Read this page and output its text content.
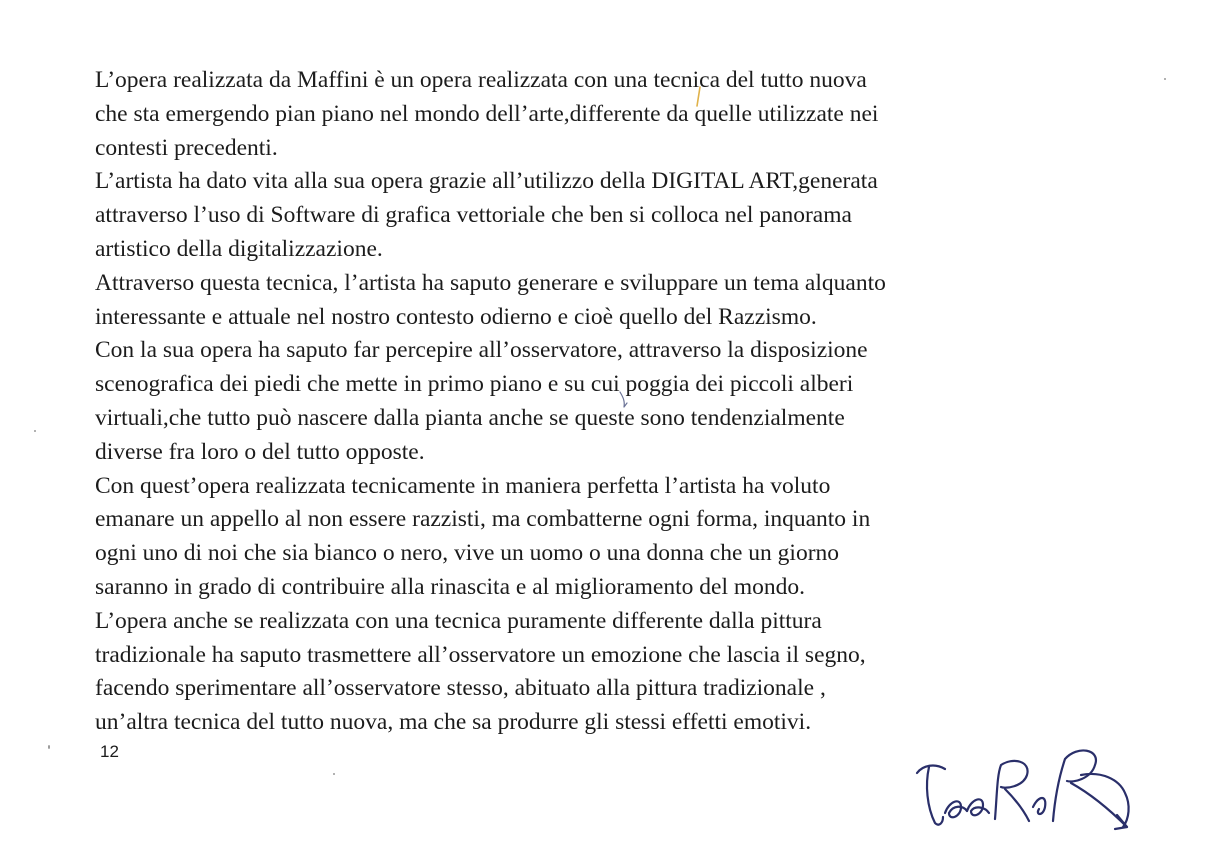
L’opera realizzata da Maffini è un opera realizzata con una tecnica del tutto nuova
che sta emergendo pian piano nel mondo dell’arte,differente da quelle utilizzate nei
contesti precedenti.
L’artista ha dato vita alla sua opera grazie all’utilizzo della DIGITAL ART,generata
attraverso l’uso di Software di grafica vettoriale che ben si colloca nel panorama
artistico della digitalizzazione.
Attraverso questa tecnica, l’artista ha saputo generare e sviluppare un tema alquanto
interessante e attuale nel nostro contesto odierno e cioè quello del Razzismo.
Con la sua opera ha saputo far percepire all’osservatore, attraverso la disposizione
scenografica dei piedi che mette in primo piano e su cui poggia dei piccoli alberi
virtuali,che tutto può nascere dalla pianta anche se queste sono tendenzialmente
diverse fra loro o del tutto opposte.
Con quest’opera realizzata tecnicamente in maniera perfetta l’artista ha voluto
emanare un appello al non essere razzisti, ma combatterne ogni forma, inquanto in
ogni uno di noi che sia bianco o nero, vive un uomo o una donna che un giorno
saranno in grado di contribuire alla rinascita e al miglioramento del mondo.
L’opera anche se realizzata con una tecnica puramente differente dalla pittura
tradizionale ha saputo trasmettere all’osservatore un emozione che lascia il segno,
facendo sperimentare all’osservatore stesso, abituato alla pittura tradizionale ,
un’altra tecnica del tutto nuova, ma che sa produrre gli stessi effetti emotivi.
12
